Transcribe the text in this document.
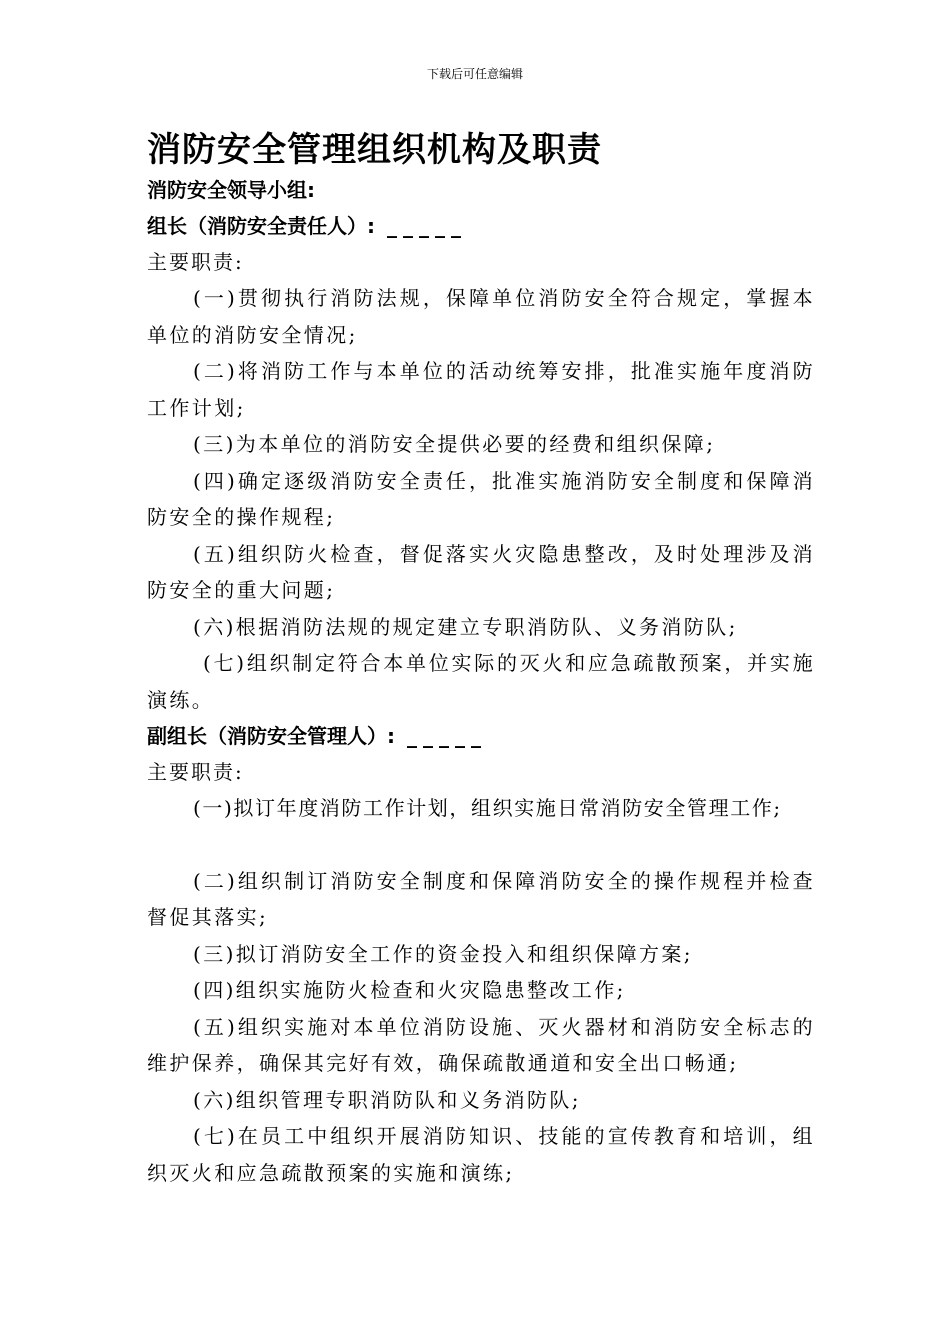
下载后可任意编辑
消防安全管理组织机构及职责
消防安全领导小组:
组长（消防安全责任人）: _____
主要职责:

(一)贯彻执行消防法规，保障单位消防安全符合规定，掌握本单位的消防安全情况;

(二)将消防工作与本单位的活动统筹安排，批准实施年度消防工作计划;

(三)为本单位的消防安全提供必要的经费和组织保障;

(四)确定逐级消防安全责任，批准实施消防安全制度和保障消防安全的操作规程;

(五)组织防火检查，督促落实火灾隐患整改，及时处理涉及消防安全的重大问题;

(六)根据消防法规的规定建立专职消防队、义务消防队;

(七)组织制定符合本单位实际的灭火和应急疏散预案，并实施演练。

副组长（消防安全管理人）: _____
主要职责:

(一)拟订年度消防工作计划，组织实施日常消防安全管理工作;

(二)组织制订消防安全制度和保障消防安全的操作规程并检查督促其落实;

(三)拟订消防安全工作的资金投入和组织保障方案;

(四)组织实施防火检查和火灾隐患整改工作;

(五)组织实施对本单位消防设施、灭火器材和消防安全标志的维护保养，确保其完好有效，确保疏散通道和安全出口畅通;

(六)组织管理专职消防队和义务消防队;

(七)在员工中组织开展消防知识、技能的宣传教育和培训，组织灭火和应急疏散预案的实施和演练;
